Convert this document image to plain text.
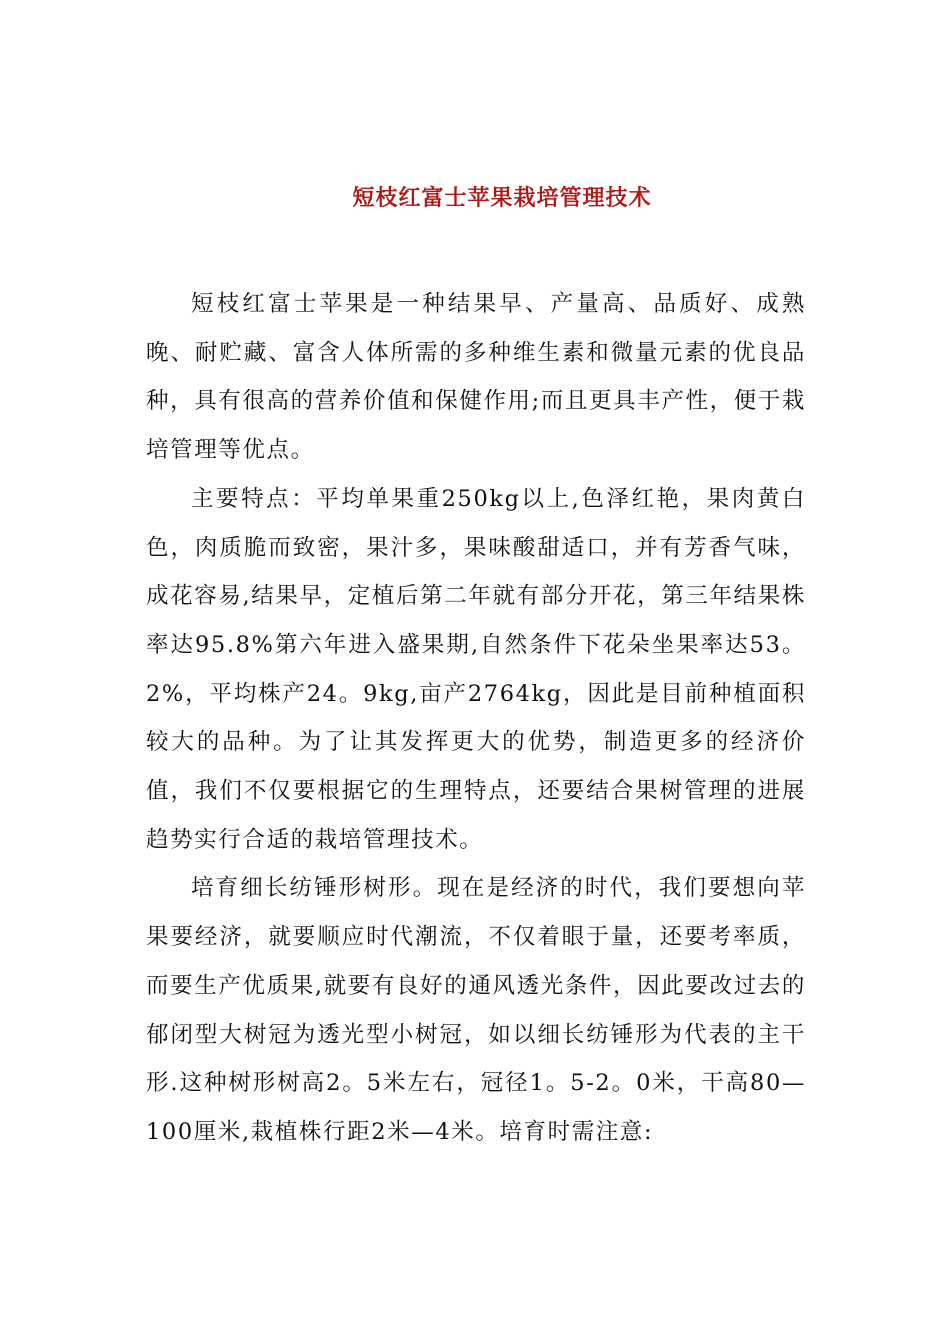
短枝红富士苹果栽培管理技术

短枝红富士苹果是一种结果早、产量高、品质好、成熟晚、耐贮藏、富含人体所需的多种维生素和微量元素的优良品种，具有很高的营养价值和保健作用;而且更具丰产性，便于栽培管理等优点。

主要特点：平均单果重250kg以上,色泽红艳，果肉黄白色，肉质脆而致密，果汁多，果味酸甜适口，并有芳香气味，成花容易,结果早，定植后第二年就有部分开花，第三年结果株率达95.8%第六年进入盛果期,自然条件下花朵坐果率达53。2%，平均株产24。9kg,亩产2764kg，因此是目前种植面积较大的品种。为了让其发挥更大的优势，制造更多的经济价值，我们不仅要根据它的生理特点，还要结合果树管理的进展趋势实行合适的栽培管理技术。

培育细长纺锤形树形。现在是经济的时代，我们要想向苹果要经济，就要顺应时代潮流，不仅着眼于量，还要考率质，而要生产优质果,就要有良好的通风透光条件，因此要改过去的郁闭型大树冠为透光型小树冠，如以细长纺锤形为代表的主干形.这种树形树高2。5米左右，冠径1。5-2。0米，干高80—100厘米,栽植株行距2米—4米。培育时需注意:
